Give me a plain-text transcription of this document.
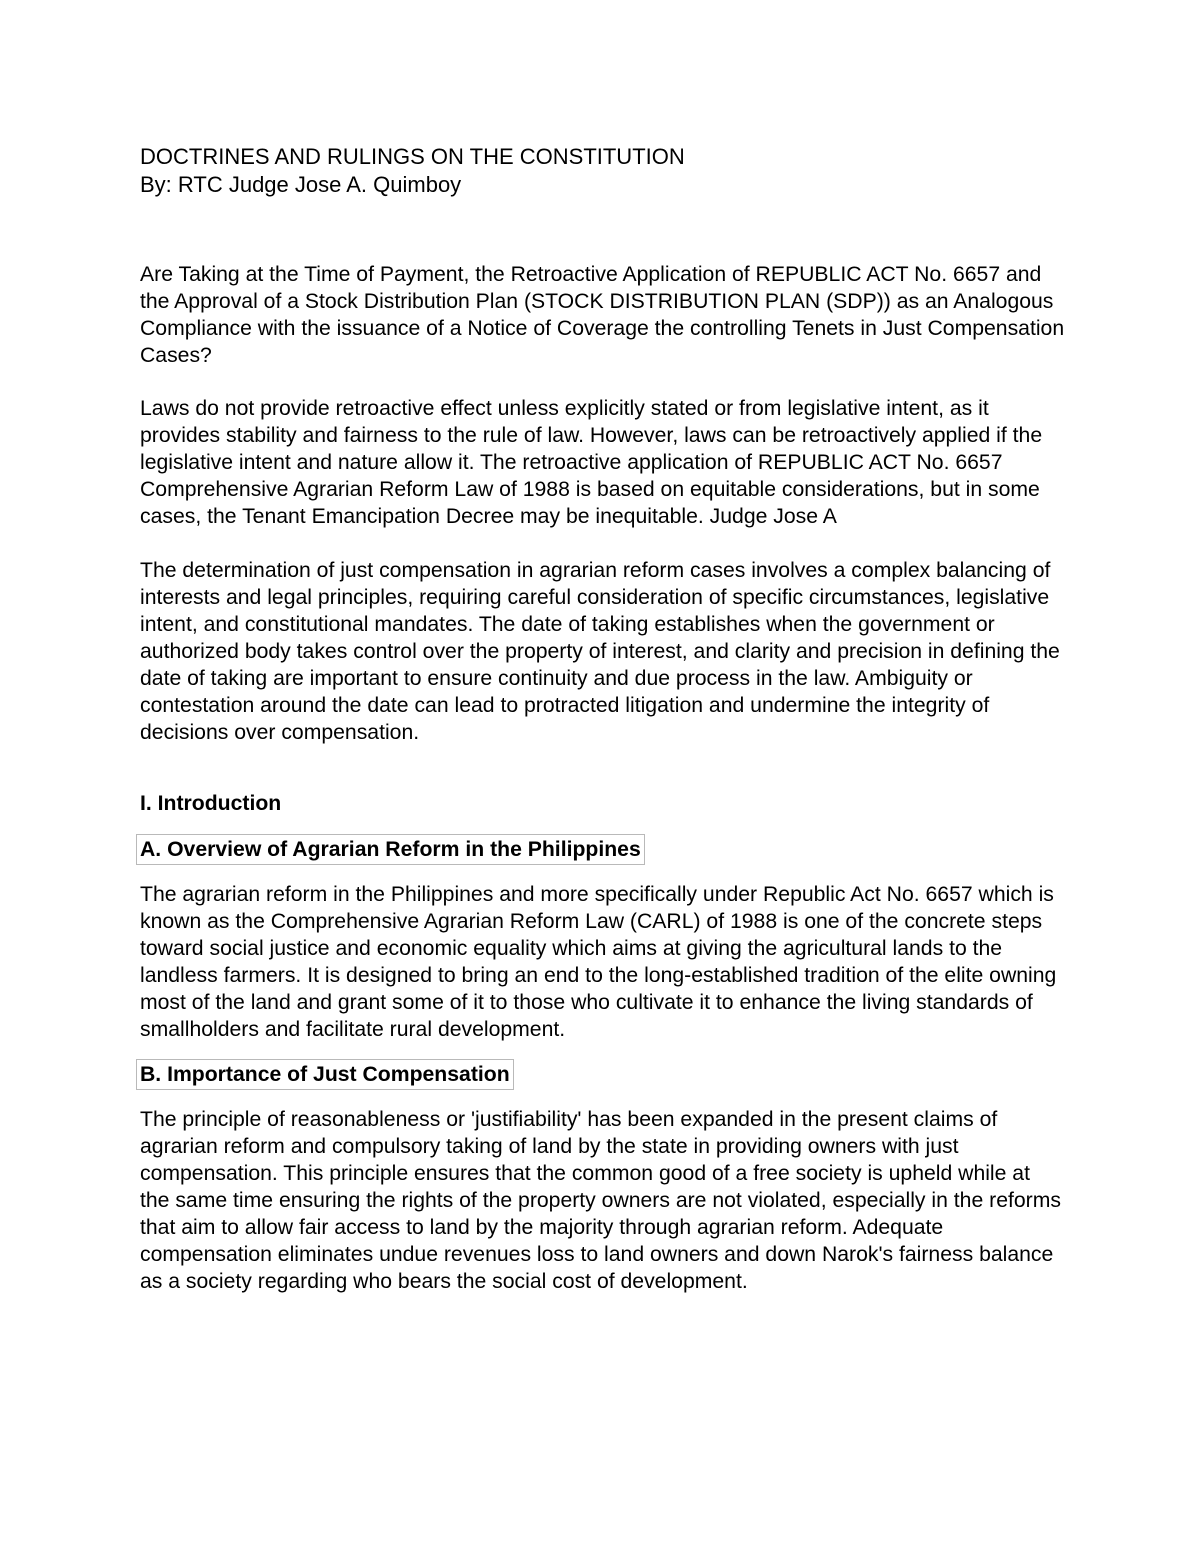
DOCTRINES AND RULINGS ON THE CONSTITUTION

By: RTC Judge Jose A. Quimboy

Are Taking at the Time of Payment, the Retroactive Application of REPUBLIC ACT No. 6657 and the Approval of a Stock Distribution Plan (STOCK DISTRIBUTION PLAN (SDP)) as an Analogous Compliance with the issuance of a Notice of Coverage the controlling Tenets in Just Compensation Cases?

Laws do not provide retroactive effect unless explicitly stated or from legislative intent, as it provides stability and fairness to the rule of law. However, laws can be retroactively applied if the legislative intent and nature allow it. The retroactive application of REPUBLIC ACT No. 6657 Comprehensive Agrarian Reform Law of 1988 is based on equitable considerations, but in some cases, the Tenant Emancipation Decree may be inequitable. Judge Jose A

The determination of just compensation in agrarian reform cases involves a complex balancing of interests and legal principles, requiring careful consideration of specific circumstances, legislative intent, and constitutional mandates. The date of taking establishes when the government or authorized body takes control over the property of interest, and clarity and precision in defining the date of taking are important to ensure continuity and due process in the law. Ambiguity or contestation around the date can lead to protracted litigation and undermine the integrity of decisions over compensation.

I. Introduction

A. Overview of Agrarian Reform in the Philippines

The agrarian reform in the Philippines and more specifically under Republic Act No. 6657 which is known as the Comprehensive Agrarian Reform Law (CARL) of 1988 is one of the concrete steps toward social justice and economic equality which aims at giving the agricultural lands to the landless farmers. It is designed to bring an end to the long-established tradition of the elite owning most of the land and grant some of it to those who cultivate it to enhance the living standards of smallholders and facilitate rural development.

B. Importance of Just Compensation

The principle of reasonableness or 'justifiability' has been expanded in the present claims of agrarian reform and compulsory taking of land by the state in providing owners with just compensation. This principle ensures that the common good of a free society is upheld while at the same time ensuring the rights of the property owners are not violated, especially in the reforms that aim to allow fair access to land by the majority through agrarian reform. Adequate compensation eliminates undue revenues loss to land owners and down Narok's fairness balance as a society regarding who bears the social cost of development.
